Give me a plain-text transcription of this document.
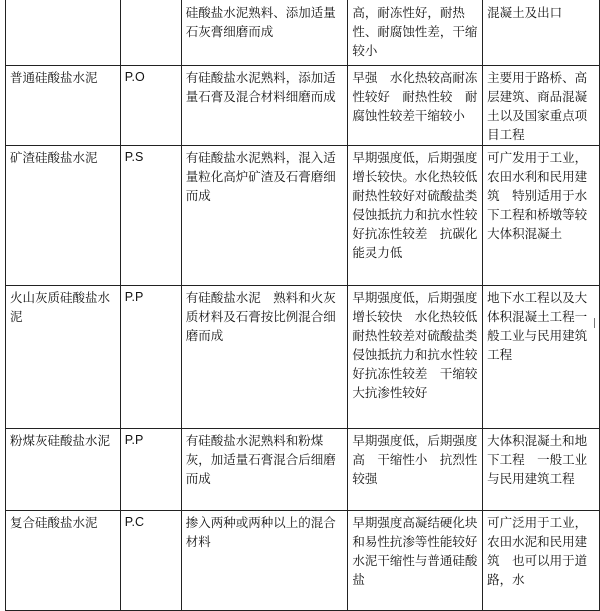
		硅酸盐水泥熟料、添加适量石灰膏细磨而成	高，耐冻性好，耐热性、耐腐蚀性差，干缩较小	混凝土及出口
普通硅酸盐水泥	P.O	有硅酸盐水泥熟料，添加适量石膏及混合材料细磨而成	早强　水化热较高耐冻性较好　耐热性较　耐腐蚀性较差干缩较小	主要用于路桥、高层建筑、商品混凝土以及国家重点项目工程
矿渣硅酸盐水泥	P.S	有硅酸盐水泥熟料，混入适量粒化高炉矿渣及石膏磨细而成	早期强度低，后期强度增长较快。水化热较低　耐热性较好对硫酸盐类侵蚀抵抗力和抗水性较好抗冻性较差　抗碳化能灵力低	可广发用于工业，农田水利和民用建筑　特别适用于水下工程和桥墩等较大体积混凝土
火山灰质硅酸盐水泥	P.P	有硅酸盐水泥　熟料和火灰质材料及石膏按比例混合细磨而成	早期强度低，后期强度增长较快　水化热较低　耐热性较差对硫酸盐类侵蚀抵抗力和抗水性较好抗冻性较差　干缩较大抗渗性较好	地下水工程以及大体积混凝土工程一般工业与民用建筑工程
粉煤灰硅酸盐水泥	P.P	有硅酸盐水泥熟料和粉煤灰，加适量石膏混合后细磨而成	早期强度低，后期强度高　干缩性小　抗烈性较强	大体积混凝土和地下工程　一般工业与民用建筑工程
复合硅酸盐水泥	P.C	掺入两种或两种以上的混合材料	早期强度高凝结硬化块和易性抗渗等性能较好　水泥干缩性与普通硅酸盐	可广泛用于工业，农田水泥和民用建筑　也可以用于道路，水
